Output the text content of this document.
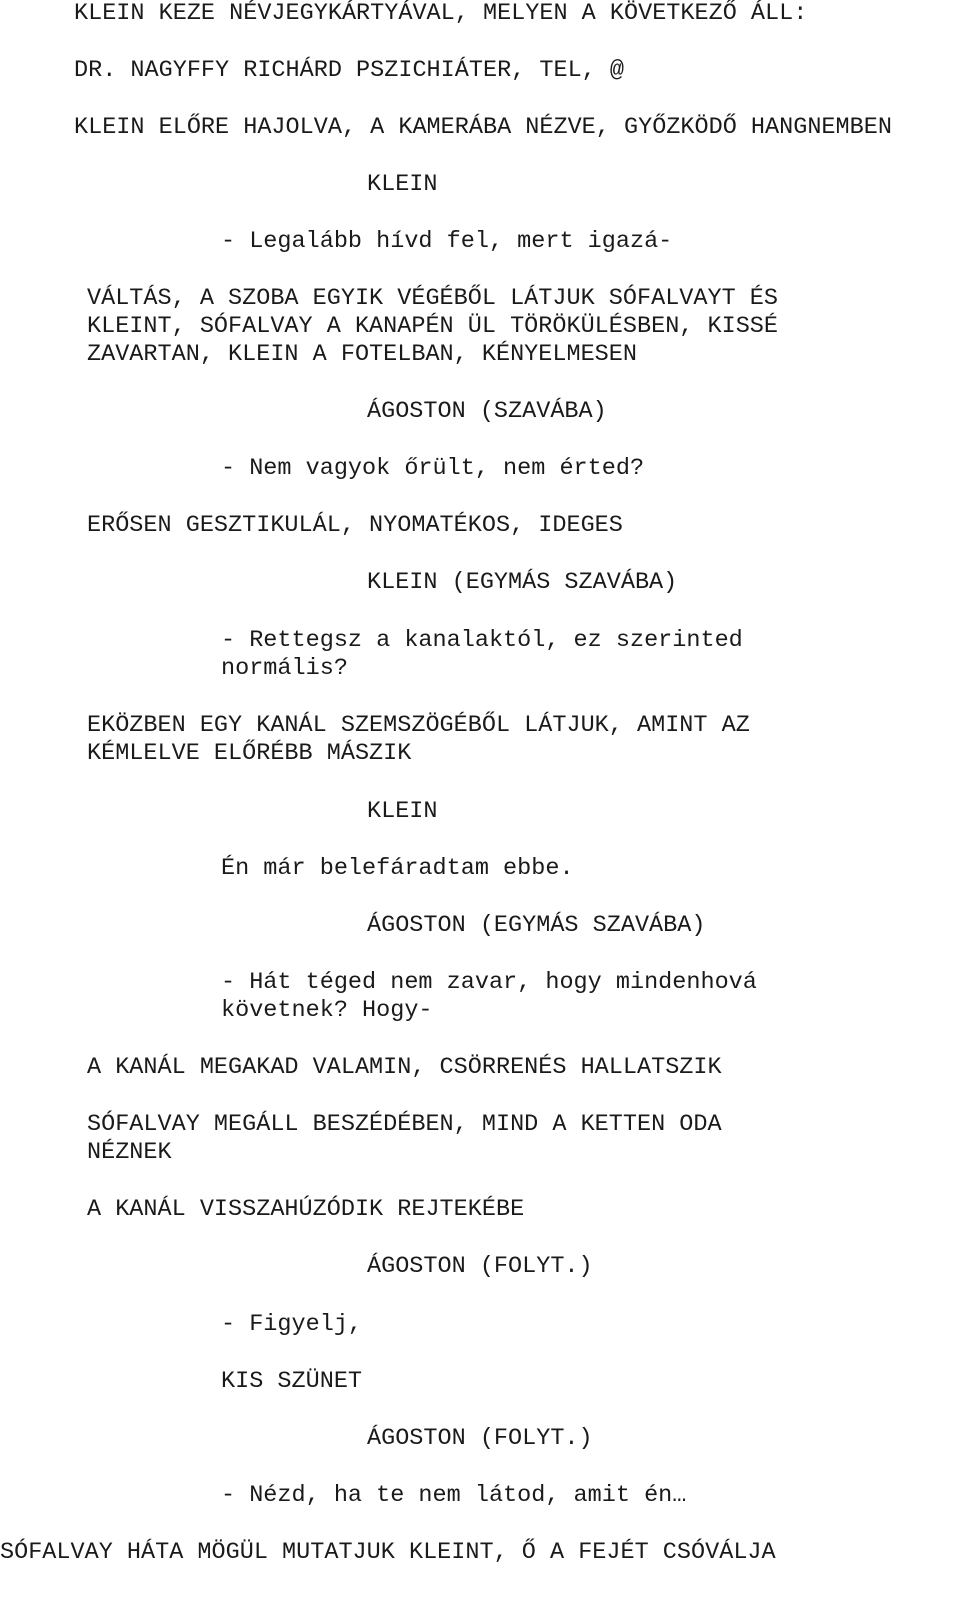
KLEIN KEZE NÉVJEGYKÁRTYÁVAL, MELYEN A KÖVETKEZŐ ÁLL:

DR. NAGYFFY RICHÁRD PSZICHIÁTER, TEL, @

KLEIN ELŐRE HAJOLVA, A KAMERÁBA NÉZVE, GYŐZKÖDŐ HANGNEMBEN

KLEIN

- Legalább hívd fel, mert igazá-

VÁLTÁS, A SZOBA EGYIK VÉGÉBŐL LÁTJUK SÓFALVAYT ÉS

KLEINT, SÓFALVAY A KANAPÉN ÜL TÖRÖKÜLÉSBEN, KISSÉ

ZAVARTAN, KLEIN A FOTELBAN, KÉNYELMESEN

ÁGOSTON (SZAVÁBA)

- Nem vagyok őrült, nem érted?

ERŐSEN GESZTIKULÁL, NYOMATÉKOS, IDEGES

KLEIN (EGYMÁS SZAVÁBA)

- Rettegsz a kanalaktól, ez szerinted

normális?

EKÖZBEN EGY KANÁL SZEMSZÖGÉBŐL LÁTJUK, AMINT AZ

KÉMLELVE ELŐRÉBB MÁSZIK

KLEIN

Én már belefáradtam ebbe.

ÁGOSTON (EGYMÁS SZAVÁBA)

- Hát téged nem zavar, hogy mindenhová

követnek? Hogy-

A KANÁL MEGAKAD VALAMIN, CSÖRRENÉS HALLATSZIK

SÓFALVAY MEGÁLL BESZÉDÉBEN, MIND A KETTEN ODA

NÉZNEK

A KANÁL VISSZAHÚZÓDIK REJTEKÉBE

ÁGOSTON (FOLYT.)

- Figyelj,

KIS SZÜNET

ÁGOSTON (FOLYT.)

- Nézd, ha te nem látod, amit én…

SÓFALVAY HÁTA MÖGÜL MUTATJUK KLEINT, Ő A FEJÉT CSÓVÁLJA
